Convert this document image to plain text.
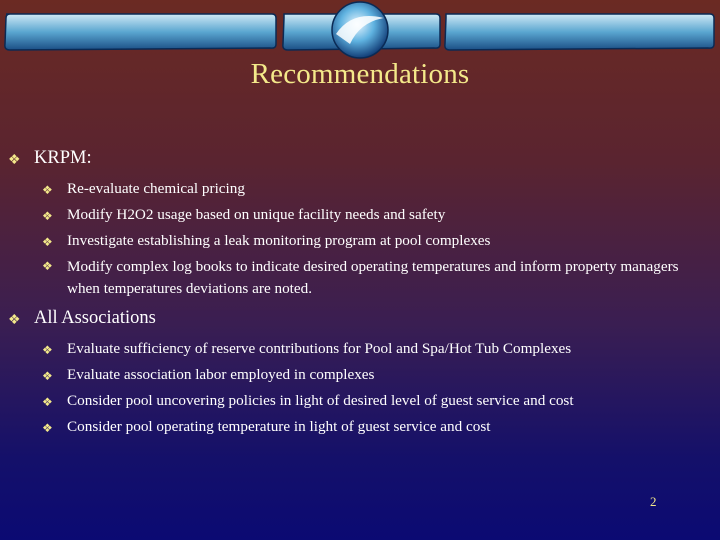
Recommendations
❖ KRPM:
❖ Re-evaluate chemical pricing
❖ Modify H2O2 usage based on unique facility needs and safety
❖ Investigate establishing a leak monitoring program at pool complexes
❖ Modify complex log books to indicate desired operating temperatures and inform property managers when temperatures deviations are noted.
❖ All Associations
❖ Evaluate sufficiency of reserve contributions for Pool and Spa/Hot Tub Complexes
❖ Evaluate association labor employed in complexes
❖ Consider pool uncovering policies in light of desired level of guest service and cost
❖ Consider pool operating temperature in light of guest service and cost
2
